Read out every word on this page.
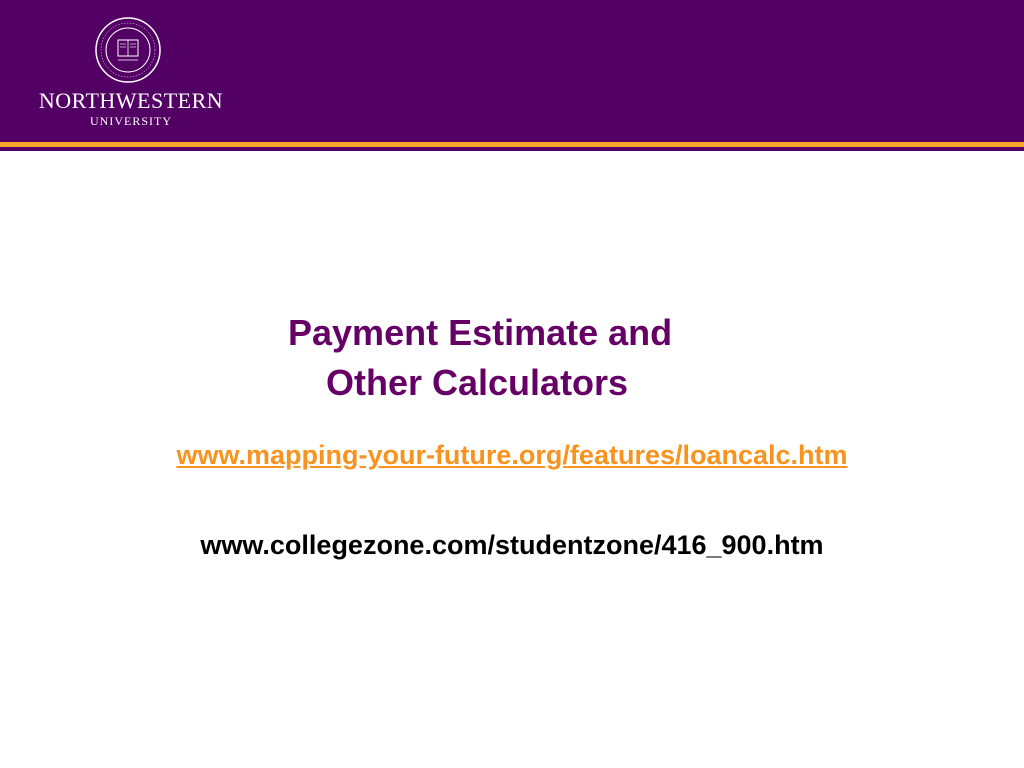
NORTHWESTERN
UNIVERSITY
Payment Estimate and
Other Calculators
www.mapping-your-future.org/features/loancalc.htm
www.collegezone.com/studentzone/416_900.htm
